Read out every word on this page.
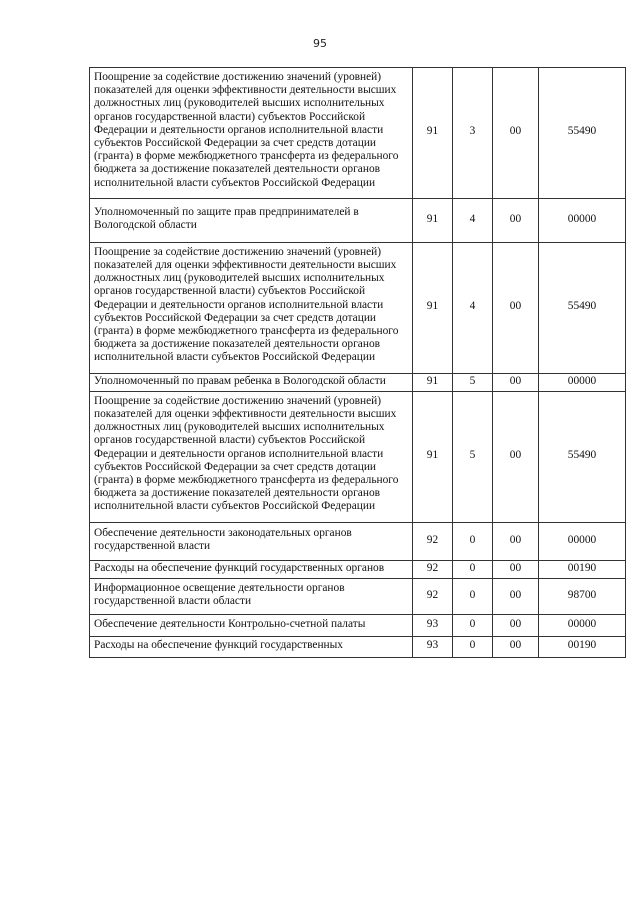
95
Поощрение за содействие достижению значений (уровней) показателей для оценки эффективности деятельности высших должностных лиц (руководителей высших исполнительных органов государственной власти) субъектов Российской Федерации и деятельности органов исполнительной власти субъектов Российской Федерации за счет средств дотации (гранта) в форме межбюджетного трансферта из федерального бюджета за достижение показателей деятельности органов исполнительной власти субъектов Российской Федерации	91	3	00	55490
Уполномоченный по защите прав предпринимателей в Вологодской области	91	4	00	00000
Поощрение за содействие достижению значений (уровней) показателей для оценки эффективности деятельности высших должностных лиц (руководителей высших исполнительных органов государственной власти) субъектов Российской Федерации и деятельности органов исполнительной власти субъектов Российской Федерации за счет средств дотации (гранта) в форме межбюджетного трансферта из федерального бюджета за достижение показателей деятельности органов исполнительной власти субъектов Российской Федерации	91	4	00	55490
Уполномоченный по правам ребенка в Вологодской области	91	5	00	00000
Поощрение за содействие достижению значений (уровней) показателей для оценки эффективности деятельности высших должностных лиц (руководителей высших исполнительных органов государственной власти) субъектов Российской Федерации и деятельности органов исполнительной власти субъектов Российской Федерации за счет средств дотации (гранта) в форме межбюджетного трансферта из федерального бюджета за достижение показателей деятельности органов исполнительной власти субъектов Российской Федерации	91	5	00	55490
Обеспечение деятельности законодательных органов государственной власти	92	0	00	00000
Расходы на обеспечение функций государственных органов	92	0	00	00190
Информационное освещение деятельности органов государственной власти области	92	0	00	98700
Обеспечение деятельности Контрольно-счетной палаты	93	0	00	00000
Расходы на обеспечение функций государственных	93	0	00	00190
